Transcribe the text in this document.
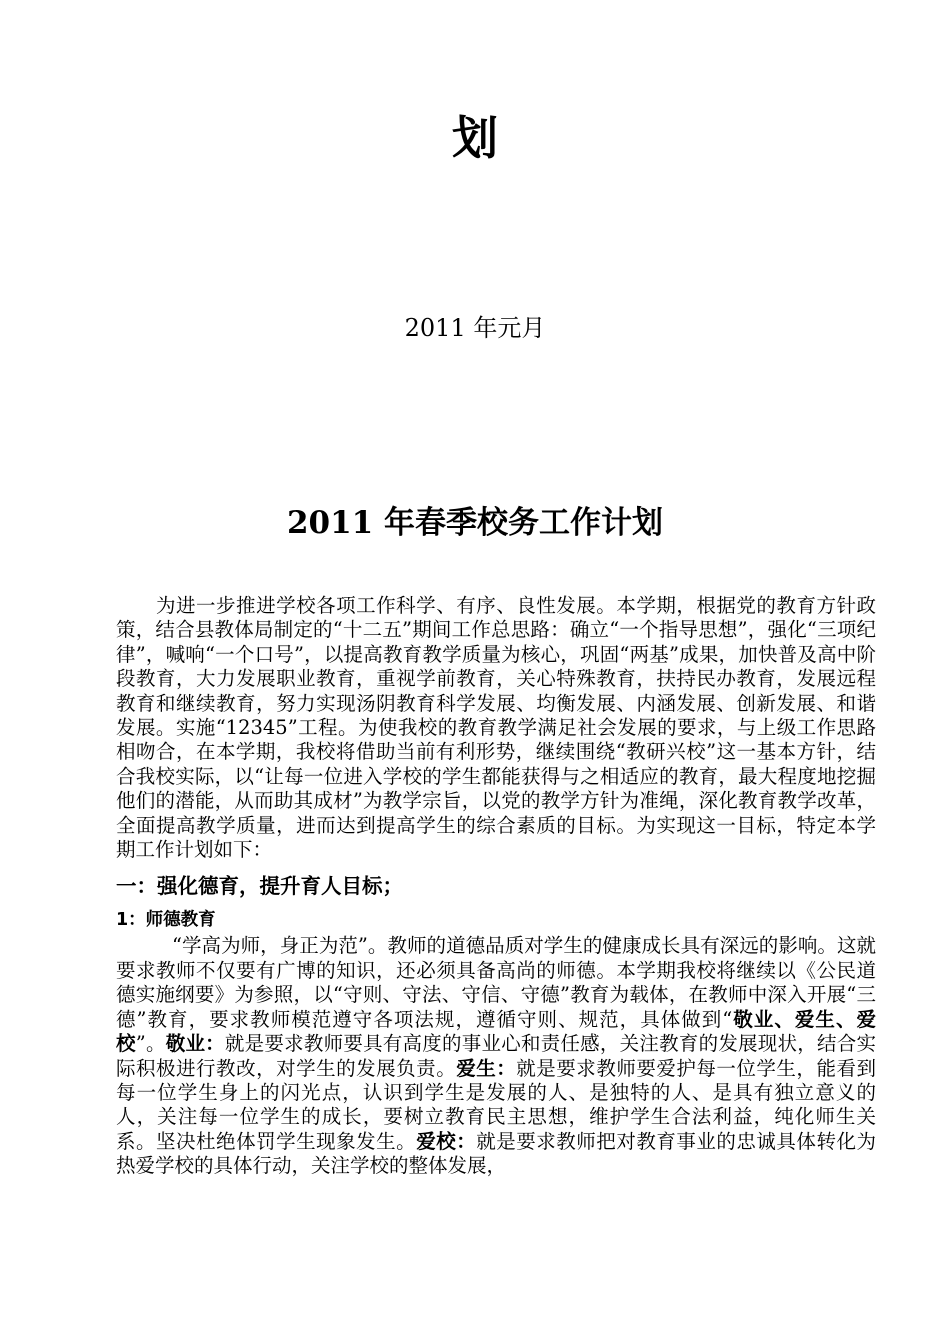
划
2011 年元月
2011 年春季校务工作计划

为进一步推进学校各项工作科学、有序、良性发展。本学期，根据党的教育方针政策，结合县教体局制定的“十二五”期间工作总思路：确立“一个指导思想”，强化“三项纪律”，喊响“一个口号”，以提高教育教学质量为核心，巩固“两基”成果，加快普及高中阶段教育，大力发展职业教育，重视学前教育，关心特殊教育，扶持民办教育，发展远程教育和继续教育，努力实现汤阴教育科学发展、均衡发展、内涵发展、创新发展、和谐发展。实施“12345”工程。为使我校的教育教学满足社会发展的要求，与上级工作思路相吻合，在本学期，我校将借助当前有利形势，继续围绕“教研兴校”这一基本方针，结合我校实际，以“让每一位进入学校的学生都能获得与之相适应的教育，最大程度地挖掘他们的潜能，从而助其成材”为教学宗旨，以党的教学方针为准绳，深化教育教学改革，全面提高教学质量，进而达到提高学生的综合素质的目标。为实现这一目标，特定本学期工作计划如下：

一：强化德育，提升育人目标；
1：师德教育

“学高为师，身正为范”。教师的道德品质对学生的健康成长具有深远的影响。这就要求教师不仅要有广博的知识，还必须具备高尚的师德。本学期我校将继续以《公民道德实施纲要》为参照，以“守则、守法、守信、守德”教育为载体，在教师中深入开展“三德”教育，要求教师模范遵守各项法规，遵循守则、规范，具体做到“敬业、爱生、爱校”。敬业：就是要求教师要具有高度的事业心和责任感，关注教育的发展现状，结合实际积极进行教改，对学生的发展负责。爱生：就是要求教师要爱护每一位学生，能看到每一位学生身上的闪光点，认识到学生是发展的人、是独特的人、是具有独立意义的人，关注每一位学生的成长，要树立教育民主思想，维护学生合法利益，纯化师生关系。坚决杜绝体罚学生现象发生。爱校：就是要求教师把对教育事业的忠诚具体转化为热爱学校的具体行动，关注学校的整体发展，
